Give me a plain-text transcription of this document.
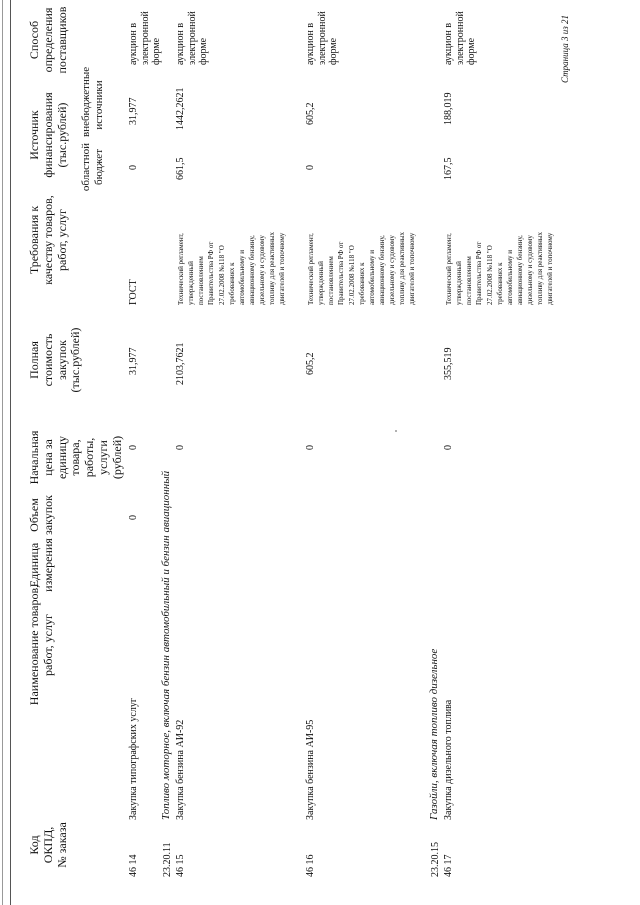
Код ОКПД, № заказа
Наименование товаров, работ, услуг
Единица измерения
Объем закупок
Начальная цена за единицу товара, работы, услуги (рублей)
Полная стоимость закупок (тыс.рублей)
Требования к качеству товаров, работ, услуг
Источник финансирования (тыс.рублей) областной бюджет
внебюджетные источники
Способ определения поставщиков
46 14
Закупка типографских услуг
0
0
31,977
ГОСТ
0
31,977
аукцион в электронной форме
23.20.11
Топливо моторное, включая бензин автомобильный и бензин авиационный
46 15
Закупка бензина АИ-92
0
2103,7621
Технический регламент, утвержденный постановлением Правительства РФ от 27.02.2008 №118 "О требованиях к автомобильному и авиационному бензину, дизельному и судовому топливу для реактивных двигателей и топочному
661,5
1442,2621
аукцион в электронной форме
46 16
Закупка бензина АИ-95
0
605,2
Технический регламент, утвержденный постановлением Правительства РФ от 27.02.2008 №118 "О требованиях к автомобильному и авиационному бензину, дизельному и судовому топливу для реактивных двигателей и топочному
0
605,2
аукцион в электронной форме
23.20.15
Газойли, включая топливо дизельное
46 17
Закупка дизельного топлива
0
355,519
Технический регламент, утвержденный постановлением Правительства РФ от 27.02.2008 №118 "О требованиях к автомобильному и авиационному бензину, дизельному и судовому топливу для реактивных двигателей и топочному
167,5
188,019
аукцион в электронной форме	Страница 3 из 21
